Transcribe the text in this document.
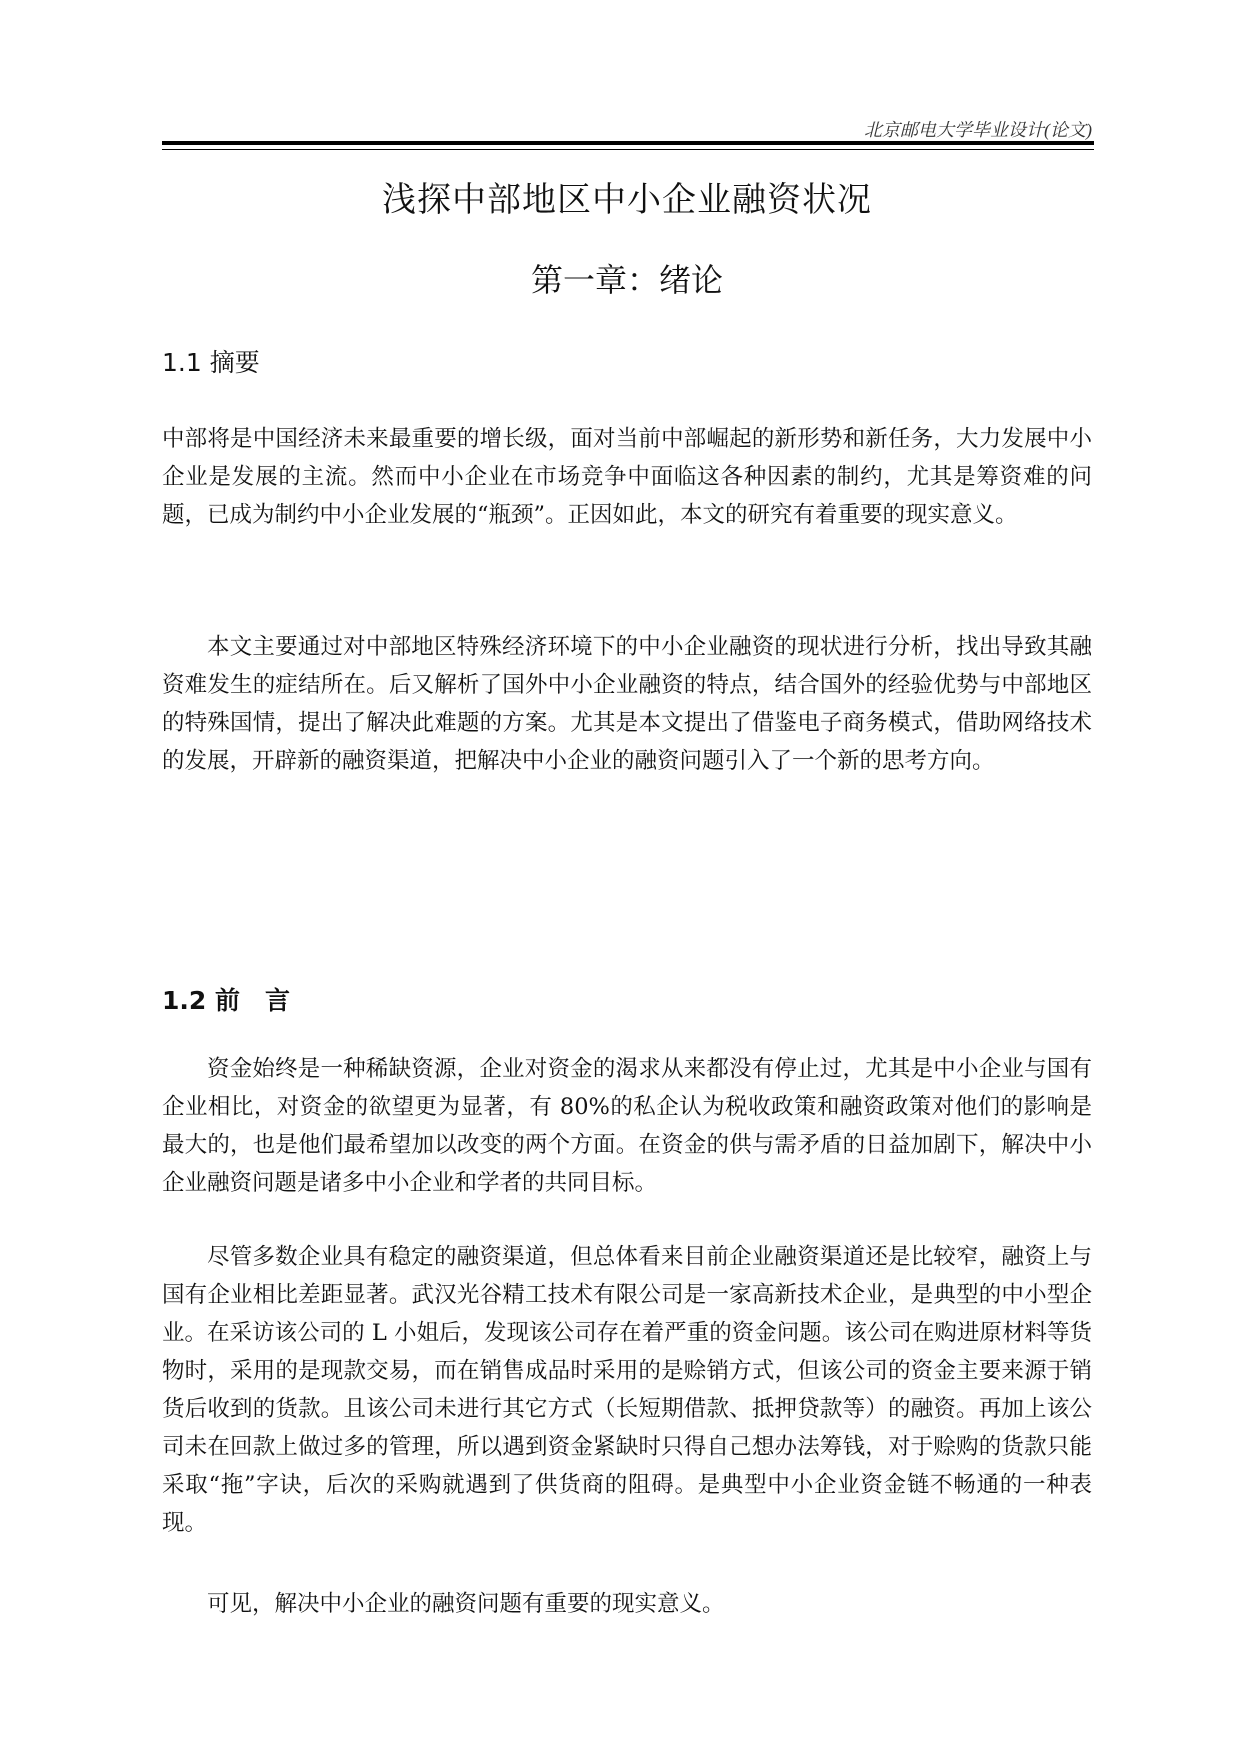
北京邮电大学毕业设计(论文)
浅探中部地区中小企业融资状况
第一章：绪论
1.1 摘要

中部将是中国经济未来最重要的增长级，面对当前中部崛起的新形势和新任务，大力发展中小企业是发展的主流。然而中小企业在市场竞争中面临这各种因素的制约，尤其是筹资难的问题，已成为制约中小企业发展的“瓶颈”。正因如此，本文的研究有着重要的现实意义。

本文主要通过对中部地区特殊经济环境下的中小企业融资的现状进行分析，找出导致其融资难发生的症结所在。后又解析了国外中小企业融资的特点，结合国外的经验优势与中部地区的特殊国情，提出了解决此难题的方案。尤其是本文提出了借鉴电子商务模式，借助网络技术的发展，开辟新的融资渠道，把解决中小企业的融资问题引入了一个新的思考方向。

1.2 前　言

资金始终是一种稀缺资源，企业对资金的渴求从来都没有停止过，尤其是中小企业与国有企业相比，对资金的欲望更为显著，有 80%的私企认为税收政策和融资政策对他们的影响是最大的，也是他们最希望加以改变的两个方面。在资金的供与需矛盾的日益加剧下，解决中小企业融资问题是诸多中小企业和学者的共同目标。

尽管多数企业具有稳定的融资渠道，但总体看来目前企业融资渠道还是比较窄，融资上与国有企业相比差距显著。武汉光谷精工技术有限公司是一家高新技术企业，是典型的中小型企业。在采访该公司的 L 小姐后，发现该公司存在着严重的资金问题。该公司在购进原材料等货物时，采用的是现款交易，而在销售成品时采用的是赊销方式，但该公司的资金主要来源于销货后收到的货款。且该公司未进行其它方式（长短期借款、抵押贷款等）的融资。再加上该公司未在回款上做过多的管理，所以遇到资金紧缺时只得自己想办法筹钱，对于赊购的货款只能采取“拖”字诀，后次的采购就遇到了供货商的阻碍。是典型中小企业资金链不畅通的一种表现。

可见，解决中小企业的融资问题有重要的现实意义。
